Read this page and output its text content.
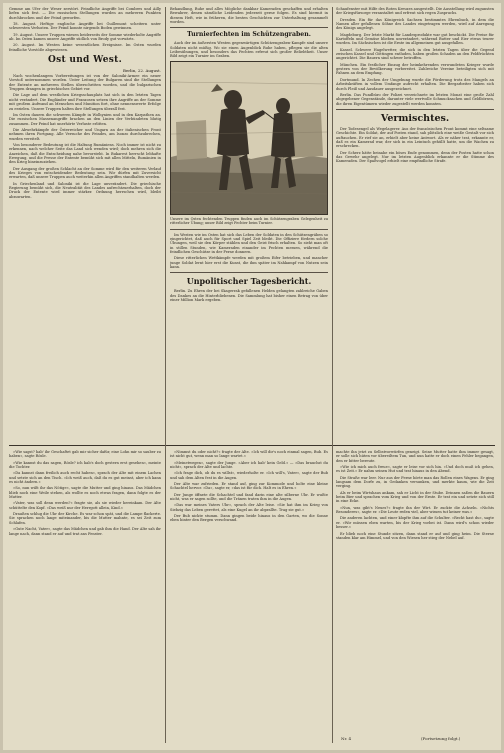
Gemme am Ufer der Weser zerstört. Feindliche Angriffe bei Combres und Ailly liefen sich fest. — Die russischen Stellungen wurden an mehreren Punkten durchbrochen und der Feind geworfen.

18. August. Heftige englische Angriffe bei Guillemont scheitern unter schwersten Verlusten. Der Feind konnte nirgends Boden gewinnen.

19. August. Unsere Truppen wiesen beiderseits der Somme wiederholte Angriffe ab. Im Osten kamen unsere Angriffe südlich von Brody gut vorwärts.

20. August. Im Westen keine wesentlichen Ereignisse. Im Osten wurden feindliche Vorstöße abgewiesen.

Ost und West.
Berlin, 22. August.

Nach wochenlangem Vorbereitungen ist von der Saloniki-Armee ein neuer Vorstoß unternommen worden. Unter Leitung der Bulgaren sind die Stellungen der Entente an mehreren Stellen überschritten worden, und die bulgarischen Truppen drangen in griechisches Gebiet vor.

Die Lage auf dem westlichen Kriegsschauplatz hat sich in den letzten Tagen nicht verändert. Die Engländer und Franzosen setzen ihre Angriffe an der Somme mit großem Aufwand an Menschen und Munition fort, ohne nennenswerte Erfolge zu erzielen. Unsere Truppen halten ihre Stellungen überall fest.

Im Osten dauern die schweren Kämpfe in Wolhynien und in den Karpathen an. Die russischen Massenangriffe brachen an den Linien der Verbündeten blutig zusammen. Der Feind hat unerhörte Verluste erlitten.

Die Abwehrkämpfe der Österreicher und Ungarn an der italienischen Front nehmen ihren Fortgang. Alle Versuche des Feindes, am Isonzo durchzubrechen, wurden vereitelt.

Von besonderer Bedeutung ist die Haltung Rumäniens. Noch immer ist nicht zu erkennen, nach welcher Seite das Land sich wenden wird; doch mehren sich die Anzeichen, daß die Entscheidung nahe bevorsteht. In Bukarest herrscht lebhafte Erregung, und die Presse der Entente bemüht sich mit allen Mitteln, Rumänien in den Krieg hineinzuziehen.

Der Ausgang der großen Schlacht an der Somme wird für den weiteren Verlauf des Krieges von entscheidender Bedeutung sein. Wir dürfen mit Zuversicht erwarten, daß unsere Truppen auch weiterhin allen Angriffen standhalten werden.

In Griechenland und Saloniki ist die Lage unverändert. Die griechische Regierung bemüht sich, die Neutralität des Landes aufrechtzuerhalten, doch der Druck der Entente wird immer stärker. Ordnung herrschen wird, bleibt abzuwarten.

Behandlung, Ruhe und alles Mögliche dankbar Kameraden geschaffen und erhalten Bewahrer, denen sämtliche Leidenden jederzeit gerne folgen. Es sind hiermit in diesem Heft, wie in früheren, die besten Geschichten zur Unterhaltung gesammelt worden.

Turnierfechten im Schützengraben.

Auch der im äußersten Westen gegenwärtigen Schützengraben-Kampfe sind unsere Soldaten nicht müßig. Wo sie einen Augenblick Ruhe haben, pflegen sie die alten Leibesübungen, und besonders das Fechten erfreut sich großer Beliebtheit. Unser Bild zeigt ein Turnier im Graben.

Unsere im Osten fechtenden Truppen finden auch im Schützengraben Gelegenheit zu ritterlicher Übung; unser Bild zeigt Fechter beim Turnier.

Im Westen wie im Osten hat sich das Leben der Soldaten in den Schützengräben so eingerichtet, daß auch für Sport und Spiel Zeit bleibt. Die Offiziere fördern solche Übungen, weil sie den Körper stählen und den Geist frisch erhalten. So sieht man oft in stillen Stunden, wie Kameraden einander im Fechten messen, während die feindlichen Geschütze in der Ferne donnern.

Diese ritterlichen Wettkämpfe werden mit großem Eifer betrieben, und mancher junge Soldat lernt hier erst die Kunst, die ihm später im Nahkampf von Nutzen sein kann.

Unpolitischer Tagesbericht.

Berlin. Zu Ehren der bei Skagerrak gefallenen Helden gelangten zahlreiche Gaben des Dankes an die Hinterbliebenen. Die Sammlung hat bisher einen Betrag von über einer Million Mark ergeben.

Schaufenster mit Hilfe des Roten Kreuzes ausgestellt. Die Ausstellung wird zugunsten der Kriegsfürsorge veranstaltet und erfreut sich regen Zuspruchs.

Dresden. Ein für das Königreich Sachsen bestimmtes Ehrenbuch, in dem die Namen aller gefallenen Söhne des Landes eingetragen werden, wird auf Anregung des Königs angelegt.

Magdeburg. Der letzte Markt für Landesprodukte war gut beschickt. Die Preise für Kartoffeln und Gemüse blieben unverändert, während Butter und Eier etwas teurer wurden. Im Sächsischen ist die Ernte im allgemeinen gut ausgefallen.

Kassel. Schwere Hagelwetter, die sich in den letzten Tagen über die Gegend zwischen Kassel und Göttingen entluden, haben großen Schaden an den Feldfrüchten angerichtet. Die Bauern sind schwer betroffen.

München. Ein festlicher Einzug der heimkehrenden verwundeten Krieger wurde gestern von der Bevölkerung vorbereitet. Zahlreiche Vereine beteiligten sich mit Fahnen an dem Empfang.

Dortmund. In Zechen der Umgebung wurde die Förderung trotz des Mangels an Arbeitskräften in vollem Umfange aufrecht erhalten. Die Bergarbeiter haben sich durch Fleiß und Ausdauer ausgezeichnet.

Berlin. Das Fundbüro der Polizei verzeichnete im letzten Monat eine große Zahl abgegebener Gegenstände, darunter viele wertvolle Schmucksachen und Geldbörsen, die ihren Eigentümern wieder zugestellt werden konnten.

Vermischtes.

Der Todesengel als Wegelagerer. Aus der französischen Front kommt eine seltsame Geschichte. Ein Soldat, der auf Posten stand, sah plötzlich eine weiße Gestalt vor sich auftauchen. Er rief sie an, erhielt aber keine Antwort. Als er näher trat, erkannte er, daß es ein Kamerad war, der sich in ein Leintuch gehüllt hatte, um die Wachen zu erschrecken.

Der Scherz hätte beinahe ein böses Ende genommen, denn der Posten hatte schon das Gewehr angelegt. Nur im letzten Augenblick erkannte er die Stimme des Kameraden. Der Spaßvogel erhielt eine empfindliche Strafe.

»Wie sagst? hab' ihr Geschaftet gab mir sicher dafür, eine Lohn mir so sauber zu haben«, sagte Rösle.

»Wie kannst du das sagen, Rösle? ich hab's doch gestern erst gesehen«, meinte die Tochter.

»Da kannst dann freilich auch recht haben«, sprach der Alte mit einem Lachen und setzte sich an den Tisch. »Ich weiß auch, daß du es gut meinst, aber ich kann es nicht ändern.«

»So, nun wißt ihr das Nötige«, sagte die Mutter und ging hinaus. Das Mädchen blieb noch eine Weile stehen, als wollte es noch etwas fragen, dann folgte es der Mutter.

»Vater, was soll denn werden?« fragte sie, als sie wieder hereinkam. Der Alte schüttelte den Kopf. »Das weiß nur der Herrgott allein, Kind.«

Draußen schlug die Uhr der Kirche. Es war schon spät, und die Lampe flackerte. Sie sprachen noch lange miteinander, bis die Mutter mahnte, es sei Zeit zum Schlafen.

»Gute Nacht, Vater«, sagte das Mädchen und gab ihm die Hand. Der Alte sah ihr lange nach, dann stand er auf und trat ans Fenster.

»Nimmst du oder nicht?« fragte der Alte. »Ich will dir's noch einmal sagen, Bub. Es ist nicht gut, wenn man so lange wartet.«

»Meinetwegen«, sagte der Junge. »Aber ich hab' kein Geld.« — »Das brauchst du nicht«, sprach der Alte und lachte.

»Ich frage dich, ob du es willst«, wiederholte er. »Ich will's, Vater«, sagte der Bub und sah dem Alten fest in die Augen.

Der Alte war zufrieden. Er stand auf, ging zur Kommode und holte eine kleine Schachtel hervor. »Da«, sagte er, »das ist für dich. Halt es in Ehren.«

Der Junge öffnete die Schachtel und fand darin eine alte silberne Uhr. Er wußte nicht, was er sagen sollte, und die Tränen traten ihm in die Augen.

»Das war meines Vaters Uhr«, sprach der Alte leise. »Sie hat ihm im Krieg von Siebzig das Leben gerettet, als eine Kugel an ihr abprallte. Trag sie gut.«

Der Bub nickte stumm. Dann gingen beide hinaus in den Garten, wo die Sonne eben hinter den Bergen verschwand.

machte ihn jetzt zu Selbstvorwürfen geneigt. Seine Mutter hatte ihm immer gesagt, er solle sich hüten vor übereiltem Tun, und nun hatte er doch einen Fehler begangen, den er bitter bereute.

»Wie ich mich auch freue«, sagte er leise vor sich hin. »Und doch muß ich gehen, es ist Zeit.« Er nahm seinen Hut und trat hinaus in den Abend.

Die Straße war leer. Nur aus der Ferne hörte man das Rollen eines Wagens. Er ging langsam dem Dorfe zu, in Gedanken versunken, und merkte kaum, wie die Zeit verging.

Als er beim Wirtshaus ankam, sah er Licht in der Stube. Drinnen saßen die Bauern beim Bier und sprachen vom Krieg und von der Ernte. Er trat ein und setzte sich still in eine Ecke.

»Nun, was gibt's Neues?« fragte ihn der Wirt. Er zuckte die Achseln. »Nichts Besonderes«, sagte er. »Die Leute reden viel, aber wissen tut keiner was.«

Die anderen lachten, und einer klopfte ihm auf die Schulter. »Recht hast du«, sagte er. »Wir müssen eben warten, bis der Krieg vorbei ist. Dann wird's schon wieder besser.«

Er blieb noch eine Stunde sitzen, dann stand er auf und ging heim. Die Sterne standen klar am Himmel, und von den Wiesen her stieg der Nebel auf.

Nr. 4	(Fortsetzung folgt.)
